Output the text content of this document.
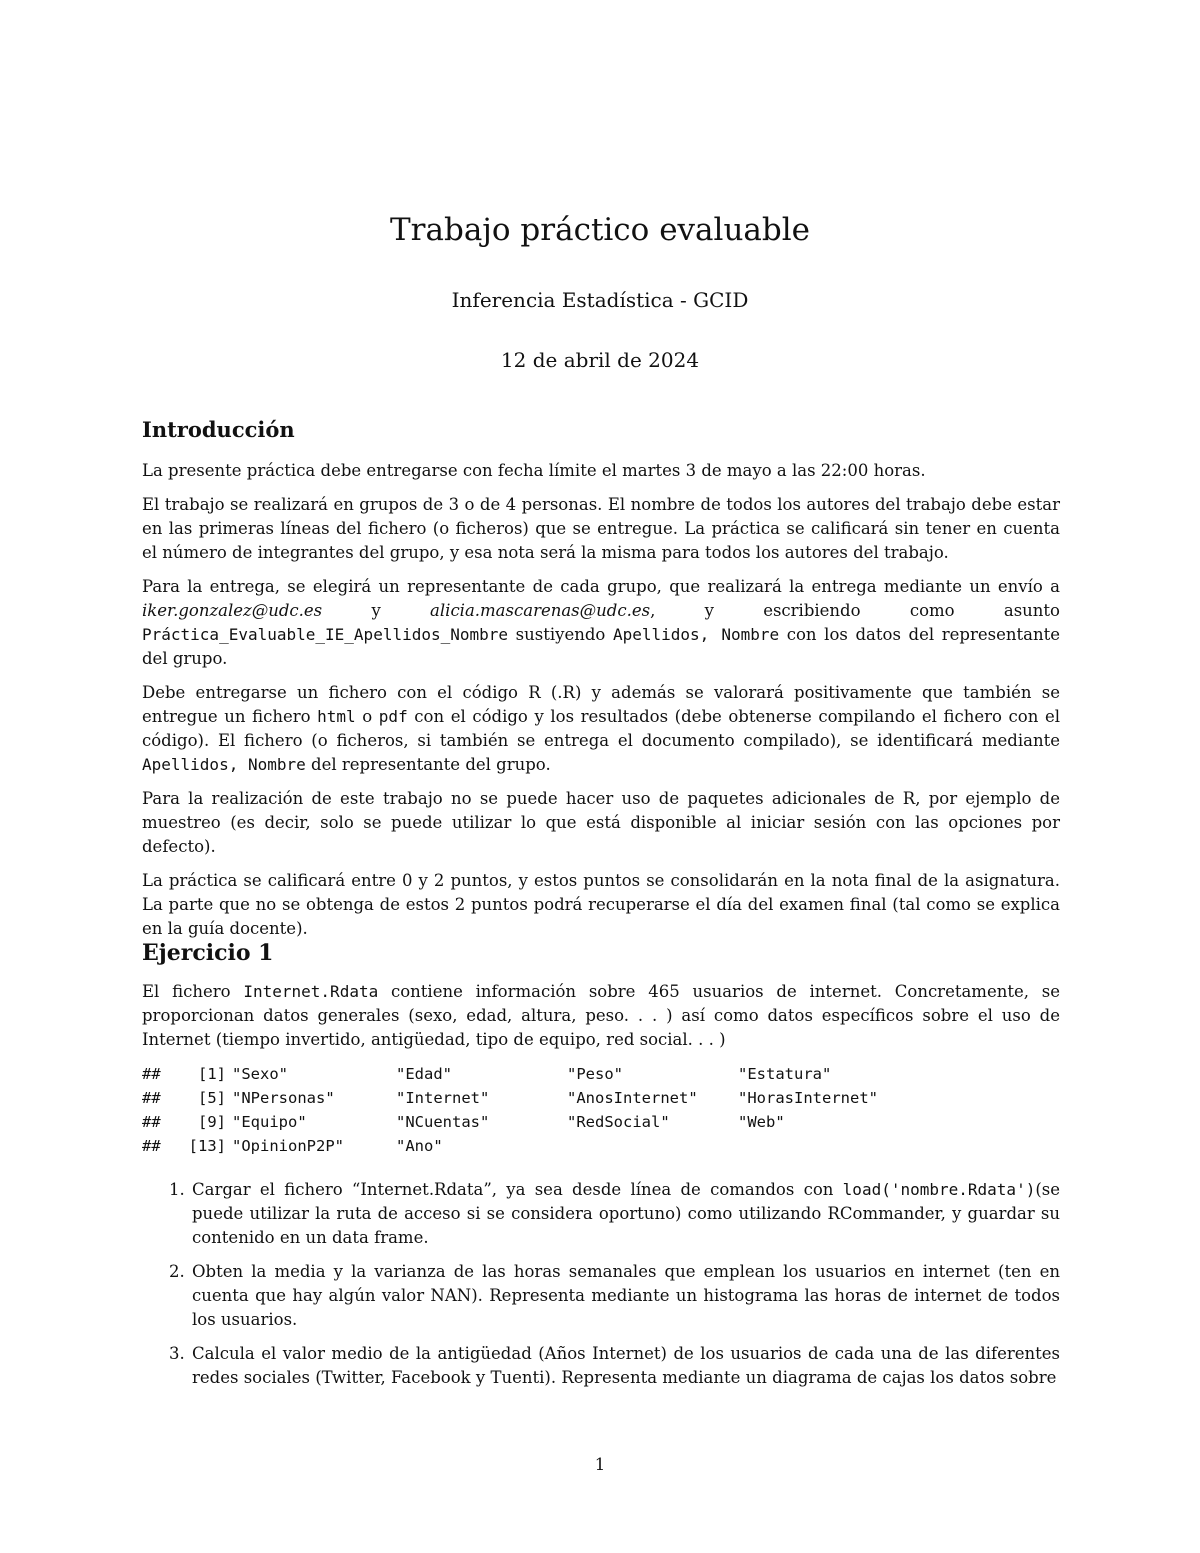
Trabajo práctico evaluable
Inferencia Estadística - GCID
12 de abril de 2024
Introducción

La presente práctica debe entregarse con fecha límite el martes 3 de mayo a las 22:00 horas.

El trabajo se realizará en grupos de 3 o de 4 personas. El nombre de todos los autores del trabajo debe estar en las primeras líneas del fichero (o ficheros) que se entregue. La práctica se calificará sin tener en cuenta el número de integrantes del grupo, y esa nota será la misma para todos los autores del trabajo.

Para la entrega, se elegirá un representante de cada grupo, que realizará la entrega mediante un envío a iker.gonzalez@udc.es y alicia.mascarenas@udc.es, y escribiendo como asunto Práctica_Evaluable_IE_Apellidos_Nombre sustiyendo Apellidos, Nombre con los datos del representante del grupo.

Debe entregarse un fichero con el código R (.R) y además se valorará positivamente que también se entregue un fichero html o pdf con el código y los resultados (debe obtenerse compilando el fichero con el código). El fichero (o ficheros, si también se entrega el documento compilado), se identificará mediante Apellidos, Nombre del representante del grupo.

Para la realización de este trabajo no se puede hacer uso de paquetes adicionales de R, por ejemplo de muestreo (es decir, solo se puede utilizar lo que está disponible al iniciar sesión con las opciones por defecto).

La práctica se calificará entre 0 y 2 puntos, y estos puntos se consolidarán en la nota final de la asignatura. La parte que no se obtenga de estos 2 puntos podrá recuperarse el día del examen final (tal como se explica en la guía docente).

Ejercicio 1

El fichero Internet.Rdata contiene información sobre 465 usuarios de internet. Concretamente, se proporcionan datos generales (sexo, edad, altura, peso. . . ) así como datos específicos sobre el uso de Internet (tiempo invertido, antigüedad, tipo de equipo, red social. . . )

##	[1] "Sexo"	"Edad"	"Peso"	"Estatura"
##	[5] "NPersonas"	"Internet"	"AnosInternet"	"HorasInternet"
##	[9] "Equipo"	"NCuentas"	"RedSocial"	"Web"
##	[13] "OpinionP2P"	"Ano"
1. Cargar el fichero “Internet.Rdata”, ya sea desde línea de comandos con load('nombre.Rdata')(se puede utilizar la ruta de acceso si se considera oportuno) como utilizando RCommander, y guardar su contenido en un data frame.
2. Obten la media y la varianza de las horas semanales que emplean los usuarios en internet (ten en cuenta que hay algún valor NAN). Representa mediante un histograma las horas de internet de todos los usuarios.
3. Calcula el valor medio de la antigüedad (Años Internet) de los usuarios de cada una de las diferentes redes sociales (Twitter, Facebook y Tuenti). Representa mediante un diagrama de cajas los datos sobre
1
